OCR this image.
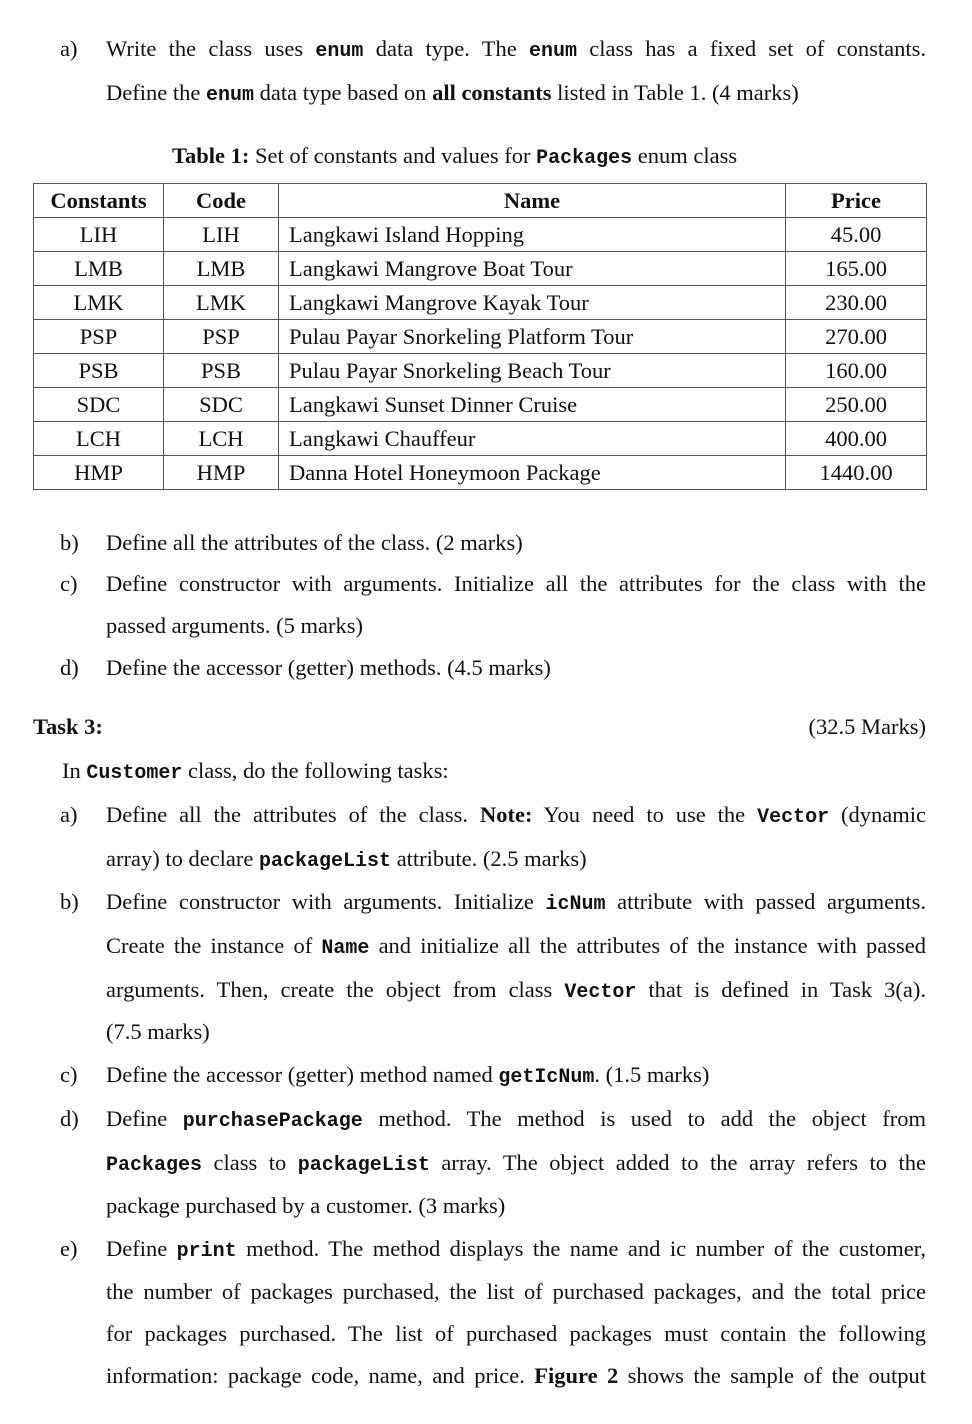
a) Write the class uses enum data type. The enum class has a fixed set of constants.
Define the enum data type based on all constants listed in Table 1. (4 marks)
Table 1: Set of constants and values for Packages enum class
Constants	Code	Name	Price
LIH	LIH	Langkawi Island Hopping	45.00
LMB	LMB	Langkawi Mangrove Boat Tour	165.00
LMK	LMK	Langkawi Mangrove Kayak Tour	230.00
PSP	PSP	Pulau Payar Snorkeling Platform Tour	270.00
PSB	PSB	Pulau Payar Snorkeling Beach Tour	160.00
SDC	SDC	Langkawi Sunset Dinner Cruise	250.00
LCH	LCH	Langkawi Chauffeur	400.00
HMP	HMP	Danna Hotel Honeymoon Package	1440.00
b) Define all the attributes of the class. (2 marks)
c) Define constructor with arguments. Initialize all the attributes for the class with the
passed arguments. (5 marks)
d) Define the accessor (getter) methods. (4.5 marks)
Task 3:	(32.5 Marks)
In Customer class, do the following tasks:
a) Define all the attributes of the class. Note: You need to use the Vector (dynamic
array) to declare packageList attribute. (2.5 marks)
b) Define constructor with arguments. Initialize icNum attribute with passed arguments.
Create the instance of Name and initialize all the attributes of the instance with passed
arguments. Then, create the object from class Vector that is defined in Task 3(a).
(7.5 marks)
c) Define the accessor (getter) method named getIcNum. (1.5 marks)
d) Define purchasePackage method. The method is used to add the object from
Packages class to packageList array. The object added to the array refers to the
package purchased by a customer. (3 marks)
e) Define print method. The method displays the name and ic number of the customer,
the number of packages purchased, the list of purchased packages, and the total price
for packages purchased. The list of purchased packages must contain the following
information: package code, name, and price. Figure 2 shows the sample of the output
